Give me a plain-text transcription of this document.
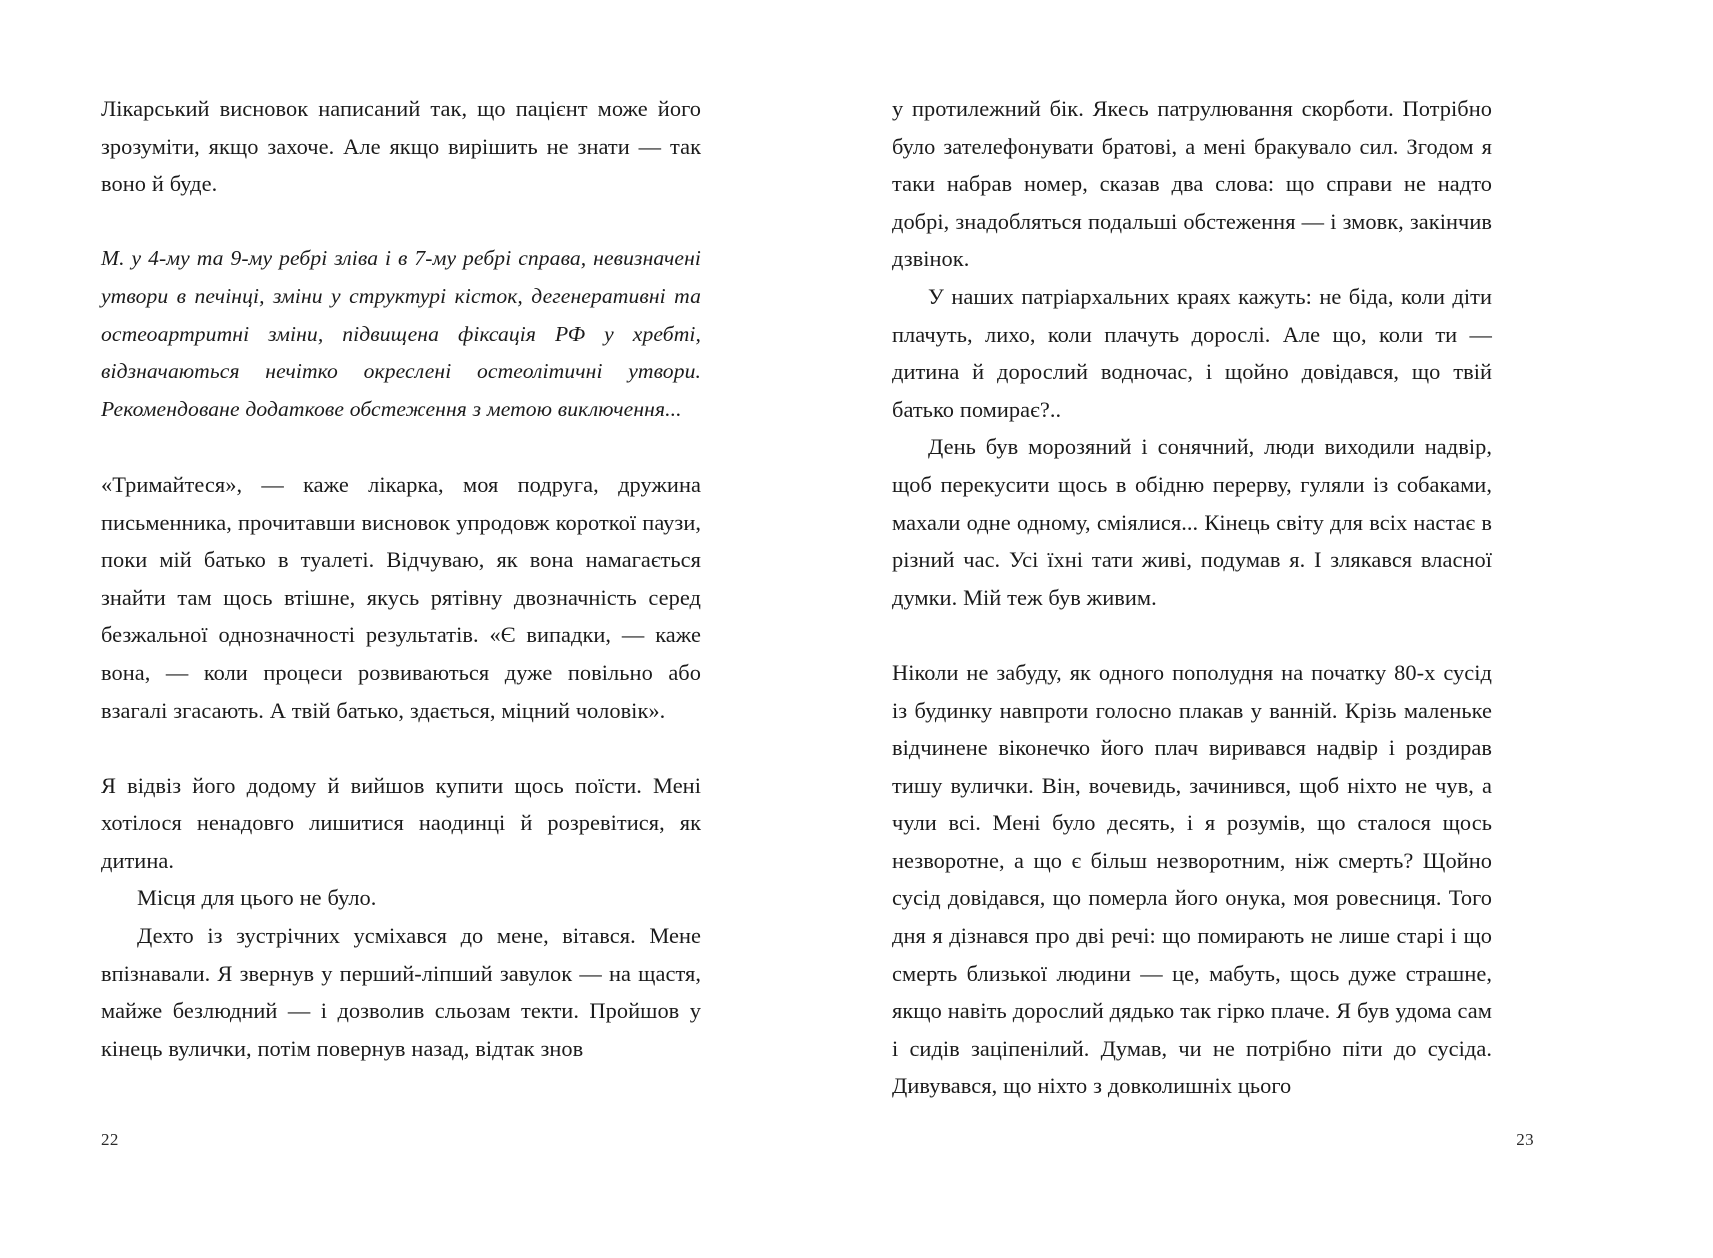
Лікарський висновок написаний так, що пацієнт може його зрозуміти, якщо захоче. Але якщо вирішить не знати — так воно й буде.

М. у 4-му та 9-му ребрі зліва і в 7-му ребрі справа, невизначені утвори в печінці, зміни у структурі кісток, дегенеративні та остеоартритні зміни, підвищена фіксація РФ у хребті, відзначаються нечітко окреслені остеолітичні утвори. Рекомендоване додаткове обстеження з метою виключення...

«Тримайтеся», — каже лікарка, моя подруга, дружина письменника, прочитавши висновок упродовж короткої паузи, поки мій батько в туалеті. Відчуваю, як вона намагається знайти там щось втішне, якусь рятівну двозначність серед безжальної однозначності результатів. «Є випадки, — каже вона, — коли процеси розвиваються дуже повільно або взагалі згасають. А твій батько, здається, міцний чоловік».

Я відвіз його додому й вийшов купити щось поїсти. Мені хотілося ненадовго лишитися наодинці й розревітися, як дитина.

Місця для цього не було.

Дехто із зустрічних усміхався до мене, вітався. Мене впізнавали. Я звернув у перший-ліпший завулок — на щастя, майже безлюдний — і дозволив сльозам текти. Пройшов у кінець вулички, потім повернув назад, відтак знов

22

у протилежний бік. Якесь патрулювання скорботи. Потрібно було зателефонувати братові, а мені бракувало сил. Згодом я таки набрав номер, сказав два слова: що справи не надто добрі, знадобляться подальші обстеження — і змовк, закінчив дзвінок.

У наших патріархальних краях кажуть: не біда, коли діти плачуть, лихо, коли плачуть дорослі. Але що, коли ти — дитина й дорослий водночас, і щойно довідався, що твій батько помирає?..

День був морозяний і сонячний, люди виходили надвір, щоб перекусити щось в обідню перерву, гуляли із собаками, махали одне одному, сміялися... Кінець світу для всіх настає в різний час. Усі їхні тати живі, подумав я. І злякався власної думки. Мій теж був живим.

Ніколи не забуду, як одного пополудня на початку 80-х сусід із будинку навпроти голосно плакав у ванній. Крізь маленьке відчинене віконечко його плач виривався надвір і роздирав тишу вулички. Він, вочевидь, зачинився, щоб ніхто не чув, а чули всі. Мені було десять, і я розумів, що сталося щось незворотне, а що є більш незворотним, ніж смерть? Щойно сусід довідався, що померла його онука, моя ровесниця. Того дня я дізнався про дві речі: що помирають не лише старі і що смерть близької людини — це, мабуть, щось дуже страшне, якщо навіть дорослий дядько так гірко плаче. Я був удома сам і сидів заціпенілий. Думав, чи не потрібно піти до сусіда. Дивувався, що ніхто з довколишніх цього

23
